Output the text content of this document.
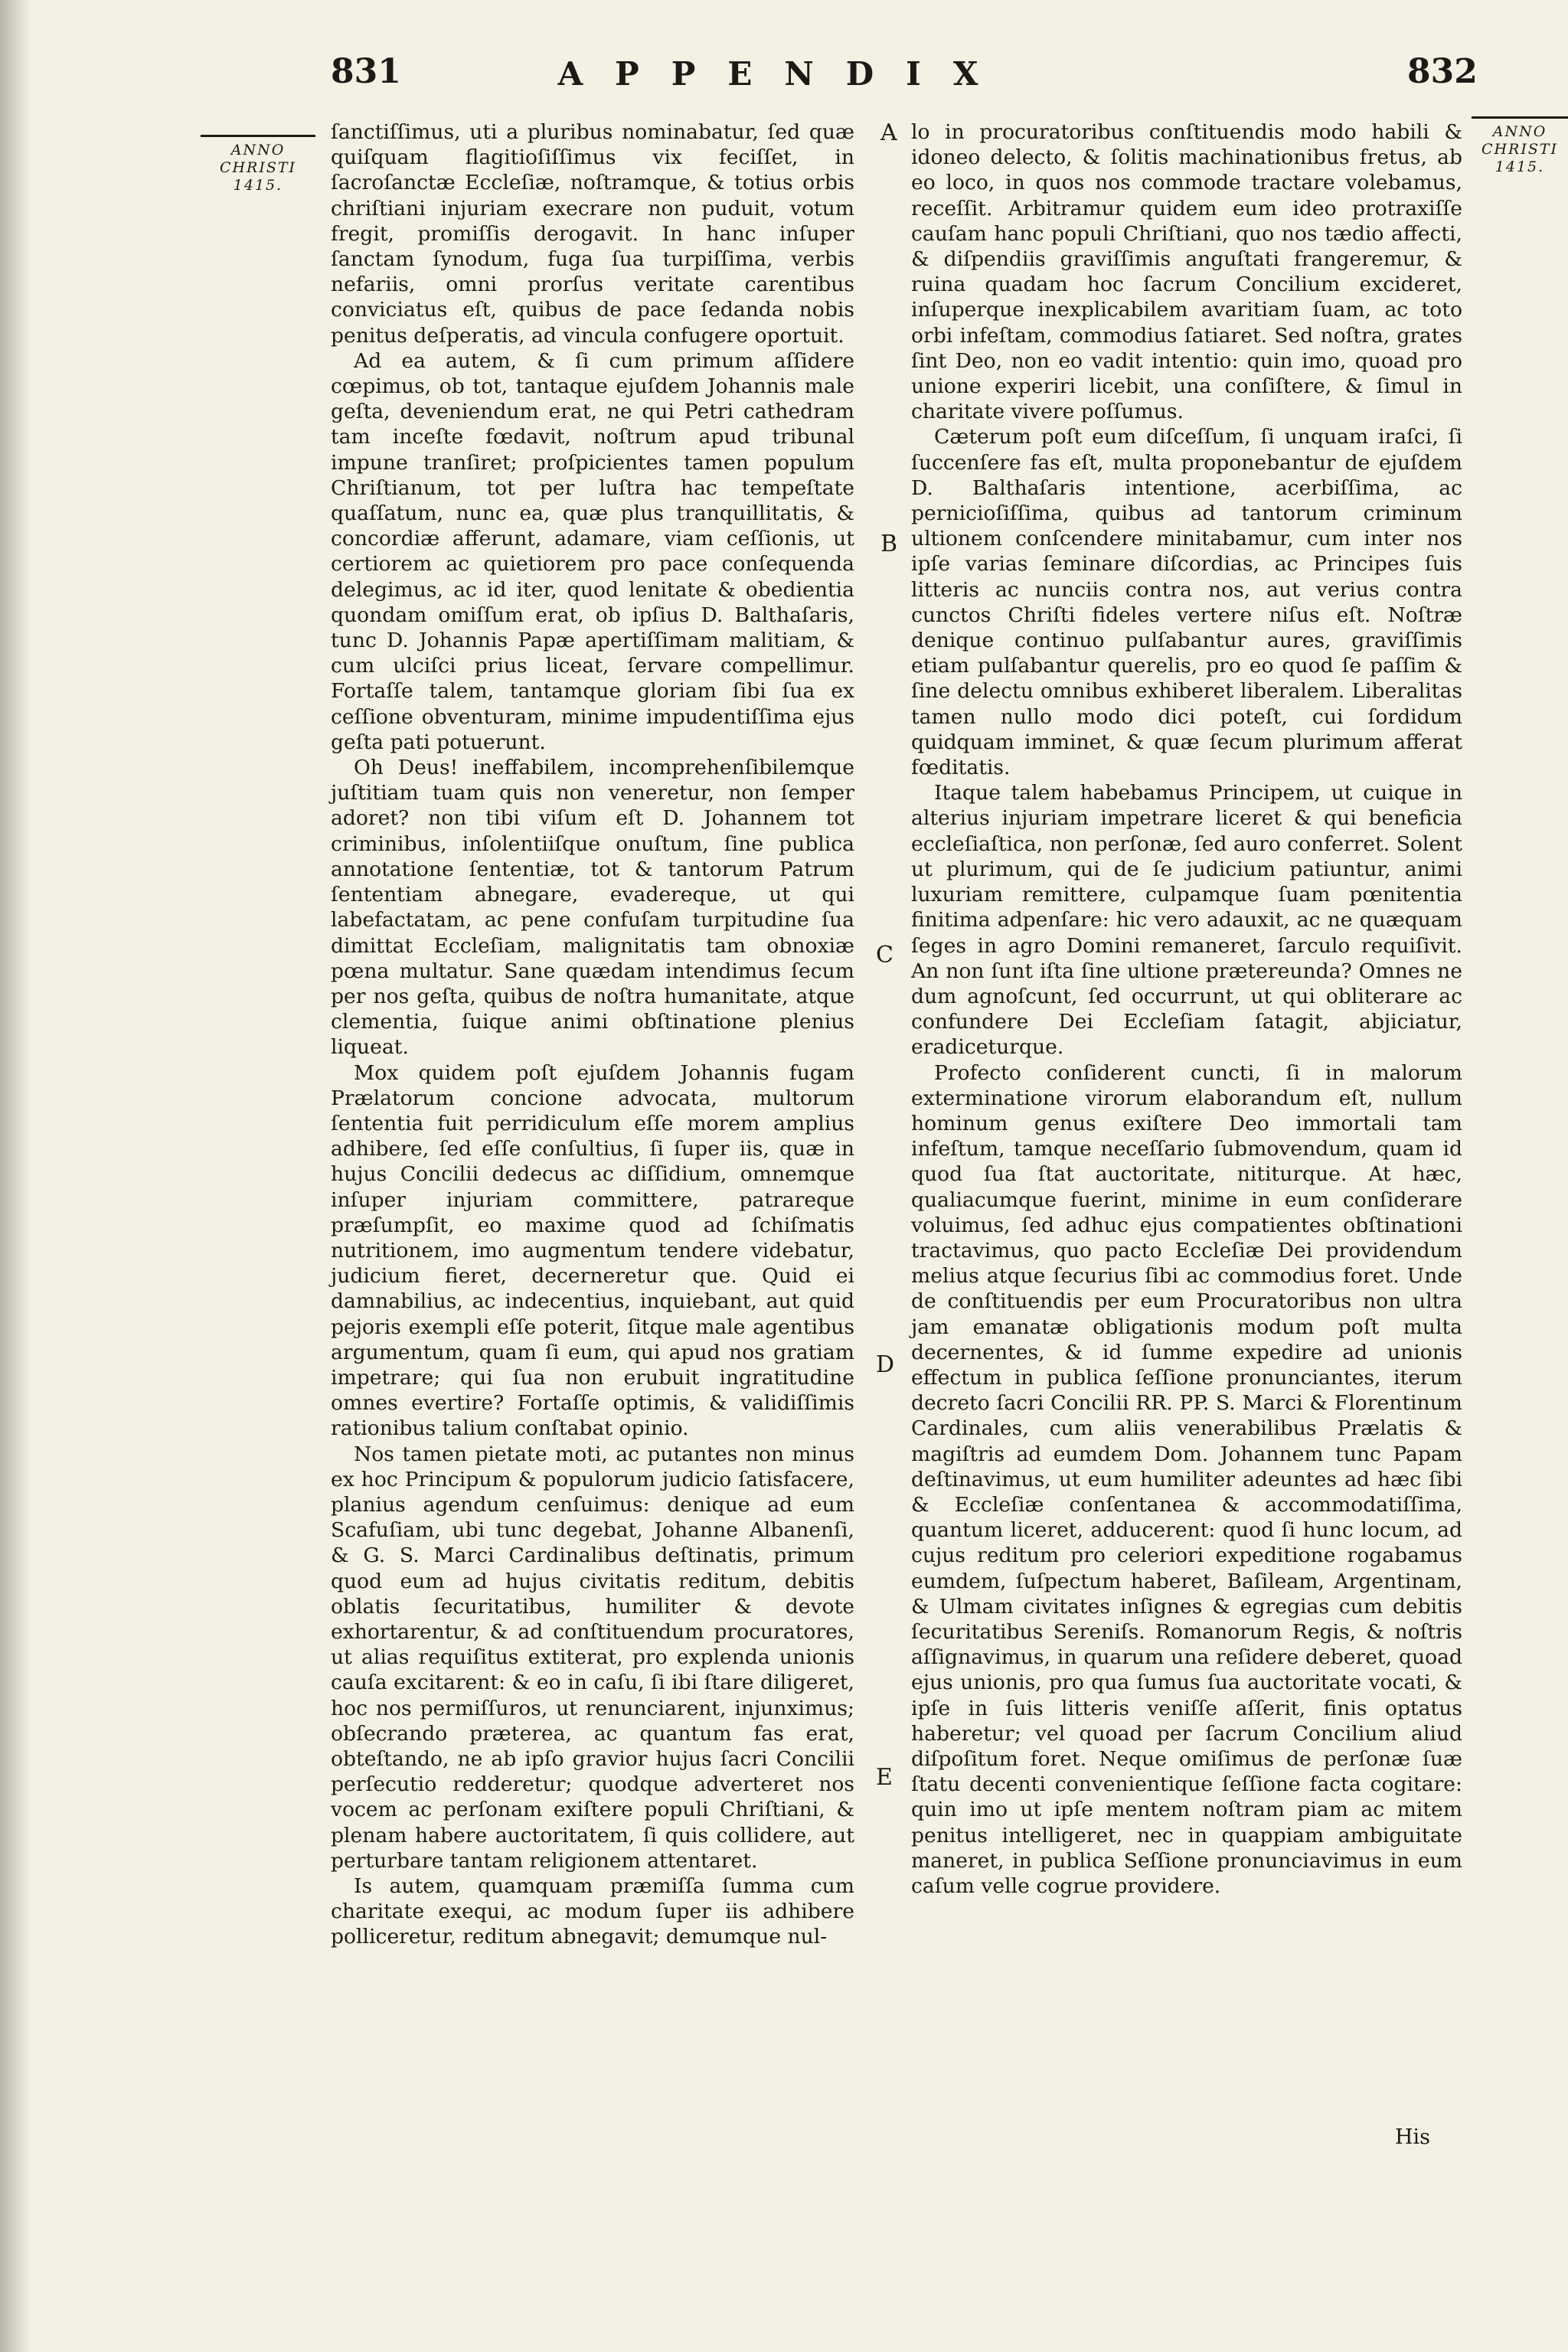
831	APPENDIX	832
ANNO CHRISTI 1415.
ANNO CHRISTI 1415.
A
B
C
D
E

ſanctiſſimus, uti a pluribus nominabatur, ſed quæ quiſquam flagitioſiſſimus vix feciſſet, in ſacroſanctæ Eccleſiæ, noſtramque, & totius orbis chriſtiani injuriam execrare non puduit, votum fregit, promiſſis derogavit. In hanc inſuper ſanctam ſynodum, fuga ſua turpiſſima, verbis nefariis, omni prorſus veritate carentibus conviciatus eſt, quibus de pace ſedanda nobis penitus deſperatis, ad vincula confugere oportuit.

Ad ea autem, & ſi cum primum aſſidere cœpimus, ob tot, tantaque ejuſdem Johannis male geſta, deveniendum erat, ne qui Petri cathedram tam inceſte fœdavit, noſtrum apud tribunal impune tranſiret; proſpicientes tamen populum Chriſtianum, tot per luſtra hac tempeſtate quaſſatum, nunc ea, quæ plus tranquillitatis, & concordiæ afferunt, adamare, viam ceſſionis, ut certiorem ac quietiorem pro pace conſequenda delegimus, ac id iter, quod lenitate & obedientia quondam omiſſum erat, ob ipſius D. Balthaſaris, tunc D. Johannis Papæ apertiſſimam malitiam, & cum ulciſci prius liceat, ſervare compellimur. Fortaſſe talem, tantamque gloriam ſibi ſua ex ceſſione obventuram, minime impudentiſſima ejus geſta pati potuerunt.

Oh Deus! ineffabilem, incomprehenſibilemque juſtitiam tuam quis non veneretur, non ſemper adoret? non tibi viſum eſt D. Johannem tot criminibus, inſolentiiſque onuſtum, ſine publica annotatione ſententiæ, tot & tantorum Patrum ſententiam abnegare, evadereque, ut qui labefactatam, ac pene confuſam turpitudine ſua dimittat Eccleſiam, malignitatis tam obnoxiæ pœna multatur. Sane quædam intendimus ſecum per nos geſta, quibus de noſtra humanitate, atque clementia, ſuique animi obſtinatione plenius liqueat.

Mox quidem poſt ejuſdem Johannis fugam Prælatorum concione advocata, multorum ſententia fuit perridiculum eſſe morem amplius adhibere, ſed eſſe conſultius, ſi ſuper iis, quæ in hujus Concilii dedecus ac diſſidium, omnemque inſuper injuriam committere, patrareque præſumpſit, eo maxime quod ad ſchiſmatis nutritionem, imo augmentum tendere videbatur, judicium fieret, decerneretur que. Quid ei damnabilius, ac indecentius, inquiebant, aut quid pejoris exempli eſſe poterit, ſitque male agentibus argumentum, quam ſi eum, qui apud nos gratiam impetrare; qui ſua non erubuit ingratitudine omnes evertire? Fortaſſe optimis, & validiſſimis rationibus talium conſtabat opinio.

Nos tamen pietate moti, ac putantes non minus ex hoc Principum & populorum judicio ſatisfacere, planius agendum cenſuimus: denique ad eum Scafuſiam, ubi tunc degebat, Johanne Albanenſi, & G. S. Marci Cardinalibus deſtinatis, primum quod eum ad hujus civitatis reditum, debitis oblatis ſecuritatibus, humiliter & devote exhortarentur, & ad conſtituendum procuratores, ut alias requiſitus extiterat, pro explenda unionis cauſa excitarent: & eo in caſu, ſi ibi ſtare diligeret, hoc nos permiſſuros, ut renunciarent, injunximus; obſecrando præterea, ac quantum fas erat, obteſtando, ne ab ipſo gravior hujus ſacri Concilii perſecutio redderetur; quodque adverteret nos vocem ac perſonam exiſtere populi Chriſtiani, & plenam habere auctoritatem, ſi quis collidere, aut perturbare tantam religionem attentaret.

Is autem, quamquam præmiſſa ſumma cum charitate exequi, ac modum ſuper iis adhibere polliceretur, reditum abnegavit; demumque nul-

lo in procuratoribus conſtituendis modo habili & idoneo delecto, & ſolitis machinationibus fretus, ab eo loco, in quos nos commode tractare volebamus, receſſit. Arbitramur quidem eum ideo protraxiſſe cauſam hanc populi Chriſtiani, quo nos tædio affecti, & diſpendiis graviſſimis anguſtati frangeremur, & ruina quadam hoc ſacrum Concilium excideret, inſuperque inexplicabilem avaritiam ſuam, ac toto orbi infeſtam, commodius ſatiaret. Sed noſtra, grates ſint Deo, non eo vadit intentio: quin imo, quoad pro unione experiri licebit, una conſiſtere, & ſimul in charitate vivere poſſumus.

Cæterum poſt eum diſceſſum, ſi unquam iraſci, ſi ſuccenſere fas eſt, multa proponebantur de ejuſdem D. Balthaſaris intentione, acerbiſſima, ac pernicioſiſſima, quibus ad tantorum criminum ultionem conſcendere minitabamur, cum inter nos ipſe varias ſeminare diſcordias, ac Principes ſuis litteris ac nunciis contra nos, aut verius contra cunctos Chriſti fideles vertere niſus eſt. Noſtræ denique continuo pulſabantur aures, graviſſimis etiam pulſabantur querelis, pro eo quod ſe paſſim & ſine delectu omnibus exhiberet liberalem. Liberalitas tamen nullo modo dici poteſt, cui ſordidum quidquam imminet, & quæ ſecum plurimum afferat fœditatis.

Itaque talem habebamus Principem, ut cuique in alterius injuriam impetrare liceret & qui beneficia eccleſiaſtica, non perſonæ, ſed auro conferret. Solent ut plurimum, qui de ſe judicium patiuntur, animi luxuriam remittere, culpamque ſuam pœnitentia finitima adpenſare: hic vero adauxit, ac ne quæquam ſeges in agro Domini remaneret, ſarculo requiſivit. An non ſunt iſta ſine ultione prætereunda? Omnes ne dum agnoſcunt, ſed occurrunt, ut qui obliterare ac confundere Dei Eccleſiam ſatagit, abjiciatur, eradiceturque.

Profecto conſiderent cuncti, ſi in malorum exterminatione virorum elaborandum eſt, nullum hominum genus exiſtere Deo immortali tam infeſtum, tamque neceſſario ſubmovendum, quam id quod ſua ſtat auctoritate, nititurque. At hæc, qualiacumque fuerint, minime in eum conſiderare voluimus, ſed adhuc ejus compatientes obſtinationi tractavimus, quo pacto Eccleſiæ Dei providendum melius atque ſecurius ſibi ac commodius foret. Unde de conſtituendis per eum Procuratoribus non ultra jam emanatæ obligationis modum poſt multa decernentes, & id ſumme expedire ad unionis effectum in publica ſeſſione pronunciantes, iterum decreto ſacri Concilii RR. PP. S. Marci & Florentinum Cardinales, cum aliis venerabilibus Prælatis & magiſtris ad eumdem Dom. Johannem tunc Papam deſtinavimus, ut eum humiliter adeuntes ad hæc ſibi & Eccleſiæ conſentanea & accommodatiſſima, quantum liceret, adducerent: quod ſi hunc locum, ad cujus reditum pro celeriori expeditione rogabamus eumdem, ſuſpectum haberet, Baſileam, Argentinam, & Ulmam civitates inſignes & egregias cum debitis ſecuritatibus Sereniſs. Romanorum Regis, & noſtris aſſignavimus, in quarum una reſidere deberet, quoad ejus unionis, pro qua ſumus ſua auctoritate vocati, & ipſe in ſuis litteris veniſſe aſſerit, finis optatus haberetur; vel quoad per ſacrum Concilium aliud diſpoſitum foret. Neque omiſimus de perſonæ ſuæ ſtatu decenti convenientique ſeſſione facta cogitare: quin imo ut ipſe mentem noſtram piam ac mitem penitus intelligeret, nec in quappiam ambiguitate maneret, in publica Seſſione pronunciavimus in eum caſum velle cogrue providere.

His
